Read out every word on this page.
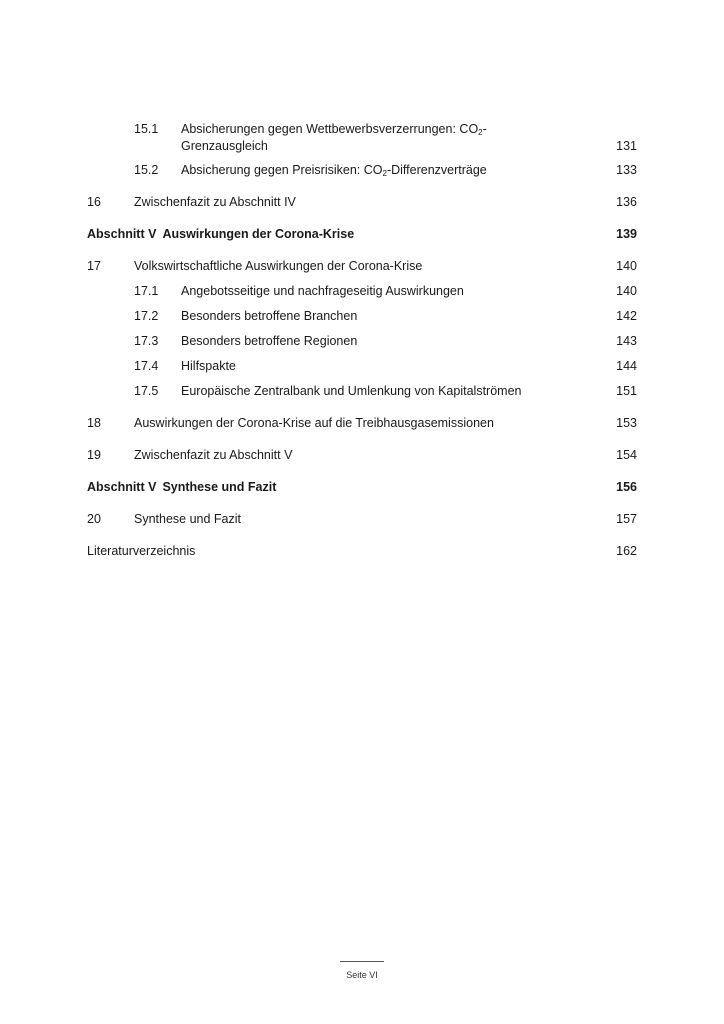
15.1 Absicherungen gegen Wettbewerbsverzerrungen: $CO_2$-Grenzausgleich	131
15.2 Absicherung gegen Preisrisiken: $CO_2$-Differenzverträge	133
16	Zwischenfazit zu Abschnitt IV	136
Abschnitt V Auswirkungen der Corona-Krise	139
17	Volkswirtschaftliche Auswirkungen der Corona-Krise	140
17.1 Angebotsseitige und nachfrageseitig Auswirkungen	140
17.2 Besonders betroffene Branchen	142
17.3 Besonders betroffene Regionen	143
17.4 Hilfspakte	144
17.5 Europäische Zentralbank und Umlenkung von Kapitalströmen	151
18	Auswirkungen der Corona-Krise auf die Treibhausgasemissionen	153
19	Zwischenfazit zu Abschnitt V	154
Abschnitt V Synthese und Fazit	156
20	Synthese und Fazit	157
Literaturverzeichnis	162
Seite VI
